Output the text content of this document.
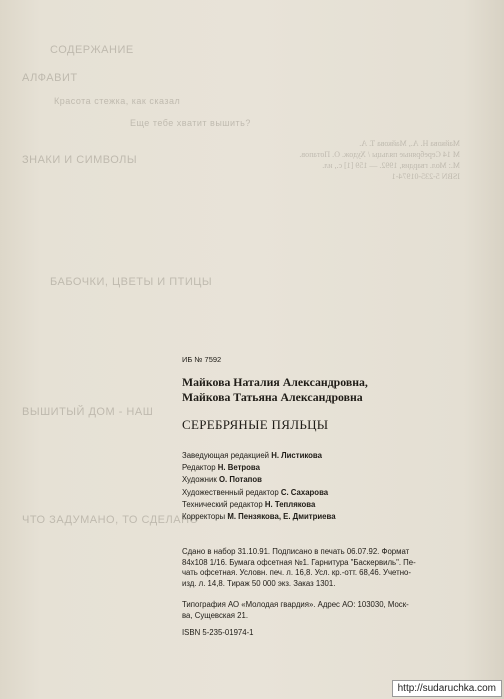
СОДЕРЖАНИЕ
АЛФАВИТ
Красота стежка, как сказал
Еще тебе хватит вышить?
ЗНАКИ И СИМВОЛЫ
БАБОЧКИ, ЦВЕТЫ И ПТИЦЫ
ВЫШИТЫЙ ДОМ - НАШ
ЧТО ЗАДУМАНО, ТО СДЕЛАНО
Майкова Н. А., Майкова Т. А.
М 14 Серебряные пяльцы / Худож. О. Потапов.
М.: Мол. гвардия, 1992. — 159 [1] с., ил.
ISBN 5-235-01974-1
ИБ № 7592
Майкова Наталия Александровна,
Майкова Татьяна Александровна
СЕРЕБРЯНЫЕ ПЯЛЬЦЫ
Заведующая редакцией Н. Листикова
Редактор Н. Ветрова
Художник О. Потапов
Художественный редактор С. Сахарова
Технический редактор Н. Теплякова
Корректоры М. Пензякова, Е. Дмитриева
Сдано в набор 31.10.91. Подписано в печать 06.07.92. Формат
84х108 1/16. Бумага офсетная №1. Гарнитура "Баскервиль". Пе-
чать офсетная. Условн. печ. л. 16,8. Усл. кр.-отт. 68,46. Учетно-
изд. л. 14,8. Тираж 50 000 экз. Заказ 1301.
Типография АО «Молодая гвардия». Адрес АО: 103030, Моск-
ва, Сущевская 21.
ISBN 5-235-01974-1
http://sudaruchka.com
